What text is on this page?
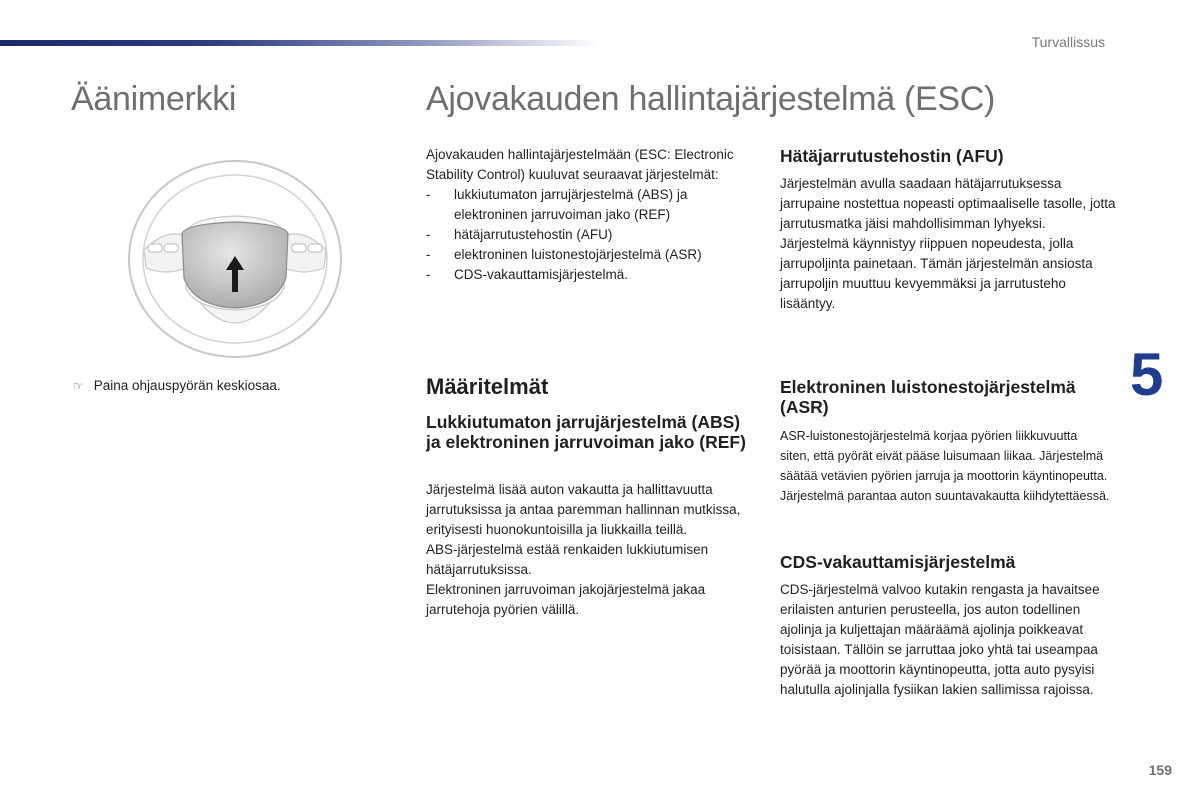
Turvallissus
Äänimerkki	Ajovakauden hallintajärjestelmä (ESC)
☞ Paina ohjauspyörän keskiosaa.

Ajovakauden hallintajärjestelmään (ESC: Electronic Stability Control) kuuluvat seuraavat järjestelmät:

- lukkiutumaton jarrujärjestelmä (ABS) ja elektroninen jarruvoiman jako (REF)
- hätäjarrutustehostin (AFU)
- elektroninen luistonestojärjestelmä (ASR)
- CDS-vakauttamisjärjestelmä.
Määritelmät
Lukkiutumaton jarrujärjestelmä (ABS) ja elektroninen jarruvoiman jako (REF)

Järjestelmä lisää auton vakautta ja hallittavuutta jarrutuksissa ja antaa paremman hallinnan mutkissa, erityisesti huonokuntoisilla ja liukkailla teillä.

ABS-järjestelmä estää renkaiden lukkiutumisen hätäjarrutuksissa.

Elektroninen jarruvoiman jakojärjestelmä jakaa jarrutehoja pyörien välillä.

Hätäjarrutustehostin (AFU)

Järjestelmän avulla saadaan hätäjarrutuksessa jarrupaine nostettua nopeasti optimaaliselle tasolle, jotta jarrutusmatka jäisi mahdollisimman lyhyeksi.

Järjestelmä käynnistyy riippuen nopeudesta, jolla jarrupoljinta painetaan. Tämän järjestelmän ansiosta jarrupoljin muuttuu kevyemmäksi ja jarrutusteho lisääntyy.

Elektroninen luistonestojärjestelmä (ASR)

ASR-luistonestojärjestelmä korjaa pyörien liikkuvuutta siten, että pyörät eivät pääse luisumaan liikaa. Järjestelmä säätää vetävien pyörien jarruja ja moottorin käyntinopeutta. Järjestelmä parantaa auton suuntavakautta kiihdytettäessä.

CDS-vakauttamisjärjestelmä

CDS-järjestelmä valvoo kutakin rengasta ja havaitsee erilaisten anturien perusteella, jos auton todellinen ajolinja ja kuljettajan määräämä ajolinja poikkeavat toisistaan. Tällöin se jarruttaa joko yhtä tai useampaa pyörää ja moottorin käyntinopeutta, jotta auto pysyisi halutulla ajolinjalla fysiikan lakien sallimissa rajoissa.

5
159
